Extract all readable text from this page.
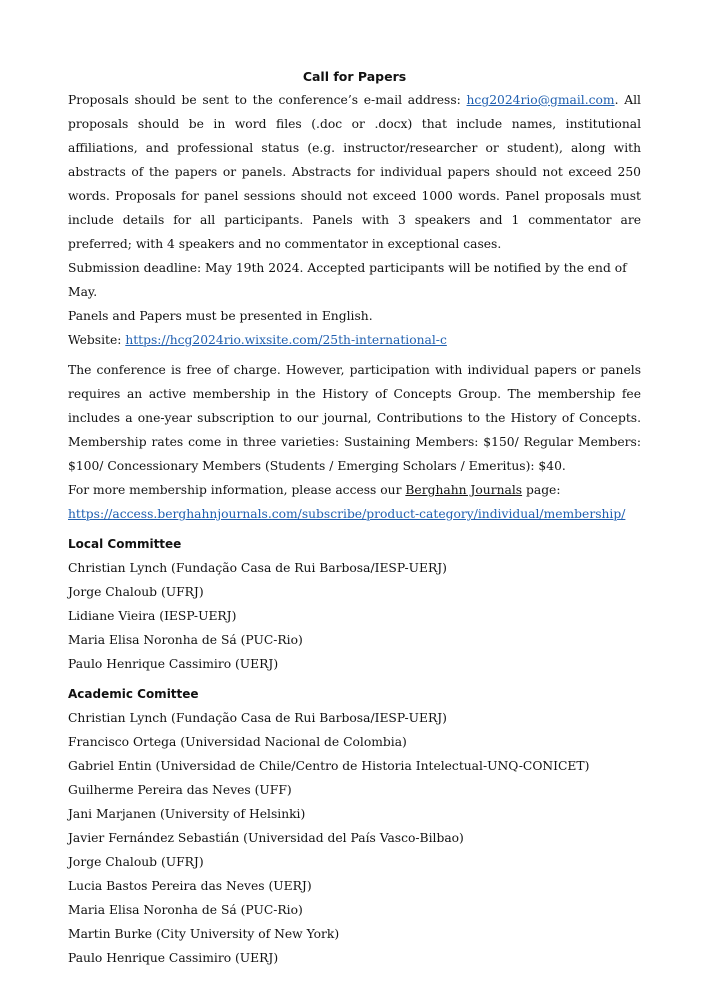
Call for Papers

Proposals should be sent to the conference’s e-mail address: hcg2024rio@gmail.com. All proposals should be in word files (.doc or .docx) that include names, institutional affiliations, and professional status (e.g. instructor/researcher or student), along with abstracts of the papers or panels. Abstracts for individual papers should not exceed 250 words. Proposals for panel sessions should not exceed 1000 words. Panel proposals must include details for all participants. Panels with 3 speakers and 1 commentator are preferred; with 4 speakers and no commentator in exceptional cases.

Submission deadline: May 19th 2024. Accepted participants will be notified by the end of May.

Panels and Papers must be presented in English.

Website: https://hcg2024rio.wixsite.com/25th-international-c

The conference is free of charge. However, participation with individual papers or panels requires an active membership in the History of Concepts Group. The membership fee includes a one-year subscription to our journal, Contributions to the History of Concepts. Membership rates come in three varieties: Sustaining Members: $150/ Regular Members: $100/ Concessionary Members (Students / Emerging Scholars / Emeritus): $40.

For more membership information, please access our Berghahn Journals page:

https://access.berghahnjournals.com/subscribe/product-category/individual/membership/

Local Committee
Christian Lynch (Fundação Casa de Rui Barbosa/IESP-UERJ)
Jorge Chaloub (UFRJ)
Lidiane Vieira (IESP-UERJ)
Maria Elisa Noronha de Sá (PUC-Rio)
Paulo Henrique Cassimiro (UERJ)
Academic Comittee
Christian Lynch (Fundação Casa de Rui Barbosa/IESP-UERJ)
Francisco Ortega (Universidad Nacional de Colombia)
Gabriel Entin (Universidad de Chile/Centro de Historia Intelectual-UNQ-CONICET)
Guilherme Pereira das Neves (UFF)
Jani Marjanen (University of Helsinki)
Javier Fernández Sebastián (Universidad del País Vasco-Bilbao)
Jorge Chaloub (UFRJ)
Lucia Bastos Pereira das Neves (UERJ)
Maria Elisa Noronha de Sá (PUC-Rio)
Martin Burke (City University of New York)
Paulo Henrique Cassimiro (UERJ)
